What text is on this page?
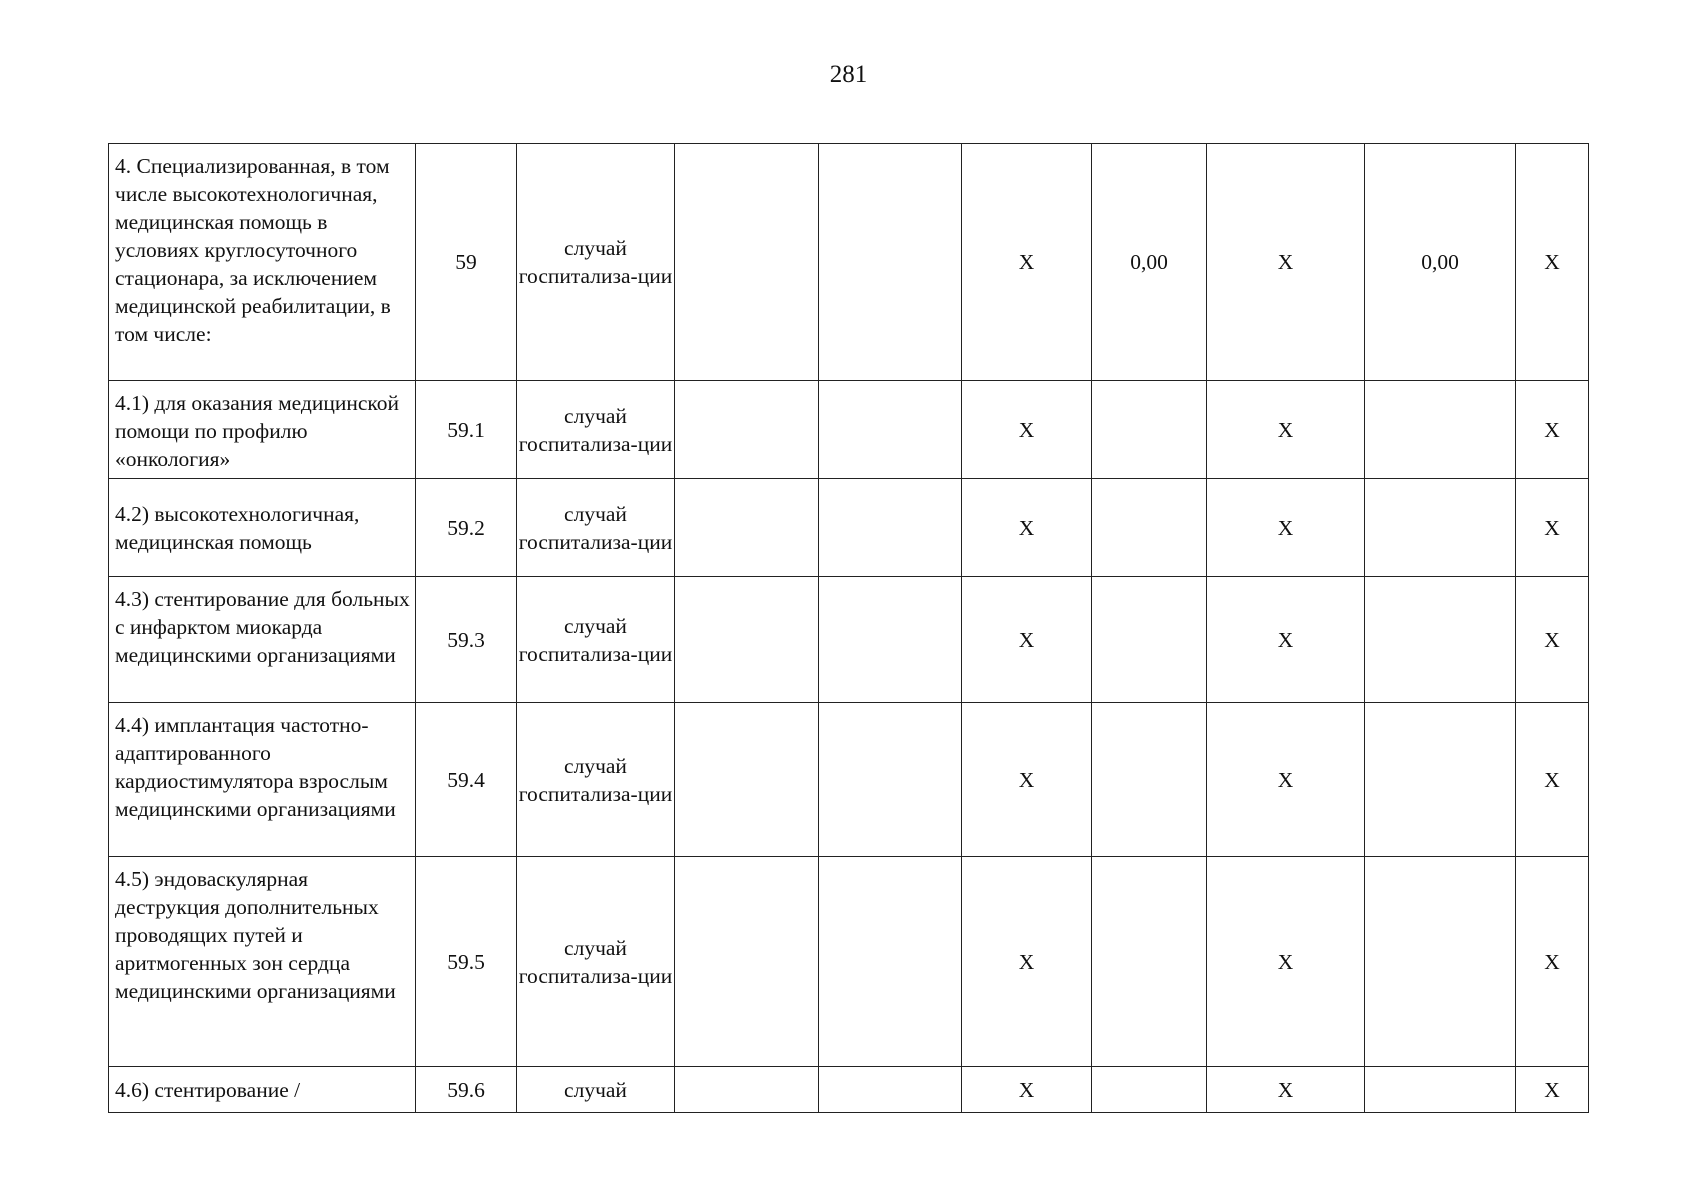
281
4. Специализированная, в том числе высокотехнологичная, медицинская помощь в условиях круглосуточного стационара, за исключением медицинской реабилитации, в том числе:	59	случай госпитализа-ции			X	0,00	X	0,00	X

4.1) для оказания медицинской помощи по профилю «онкология»	59.1	случай госпитализа-ции			X		X		X

4.2) высокотехнологичная, медицинская помощь	59.2	случай госпитализа-ции			X		X		X

4.3) стентирование для больных с инфарктом миокарда медицинскими организациями	59.3	случай госпитализа-ции			X		X		X

4.4) имплантация частотно-адаптированного кардиостимулятора взрослым медицинскими организациями	59.4	случай госпитализа-ции			X		X		X

4.5) эндоваскулярная деструкция дополнительных проводящих путей и аритмогенных зон сердца медицинскими организациями	59.5	случай госпитализа-ции			X		X		X

4.6) стентирование /	59.6	случай			X		X		X
